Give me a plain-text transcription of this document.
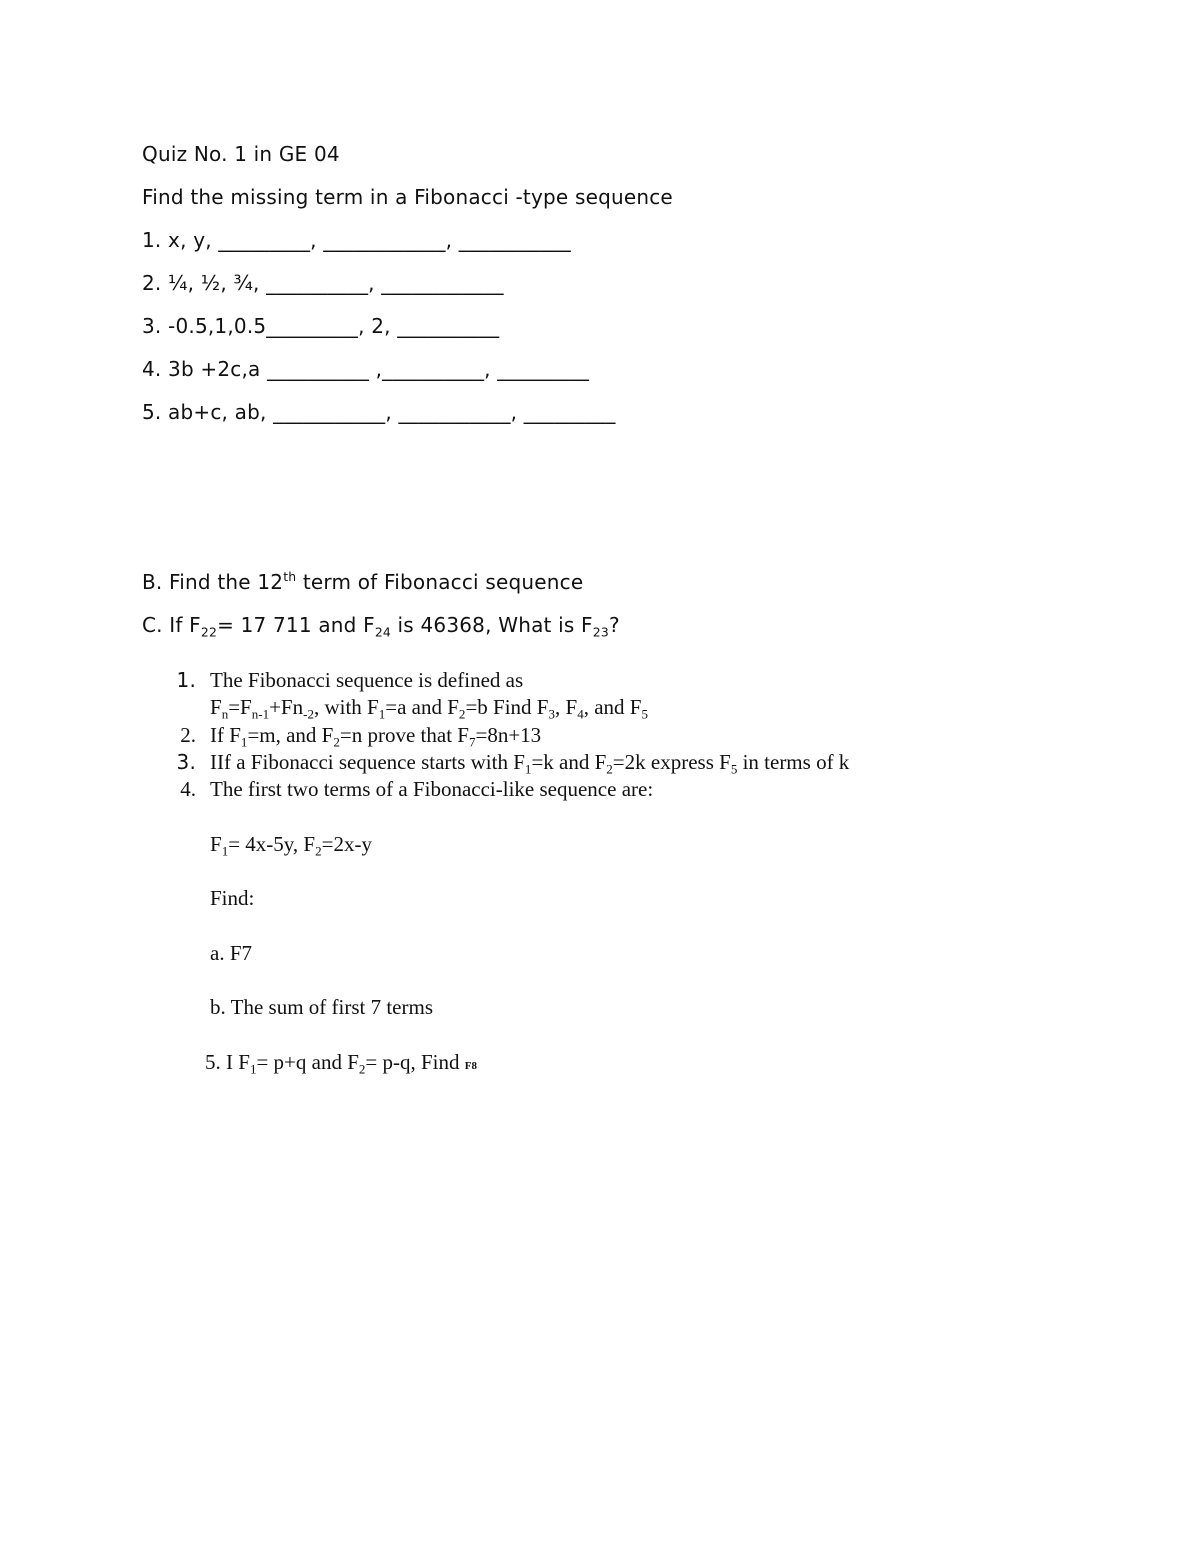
Quiz No. 1 in GE 04
Find the missing term in a Fibonacci -type sequence
1. x, y, _________, ____________, ___________
2. ¼, ½, ¾, __________, ____________
3. -0.5,1,0.5_________, 2, __________
4. 3b +2c,a __________ ,__________, _________
5. ab+c, ab, ___________, ___________, _________
B. Find the 12th term of Fibonacci sequence
C. If $F_{22}= 17$ 711 and $F_{24}$ is 46368, What is $F_{23}$?
1. The Fibonacci sequence is defined as
$F_n=F_{n-1}+Fn_{-2}$, with $F_1=a$ and $F_2=b$ Find $F_3$, $F_4$, and $F_5$
2. If $F_1=m$, and $F_2=n$ prove that $F_7=8n+13$
3. IIf a Fibonacci sequence starts with $F_1=k$ and $F_2=2k$ express $F_5$ in terms of k
4. The first two terms of a Fibonacci-like sequence are:
$F_1= 4x-5y$, $F_2=2x-y$
Find:
a. F7
b. The sum of first 7 terms
5. I $F_1= p+q$ and $F_2= p-q$, Find F8
